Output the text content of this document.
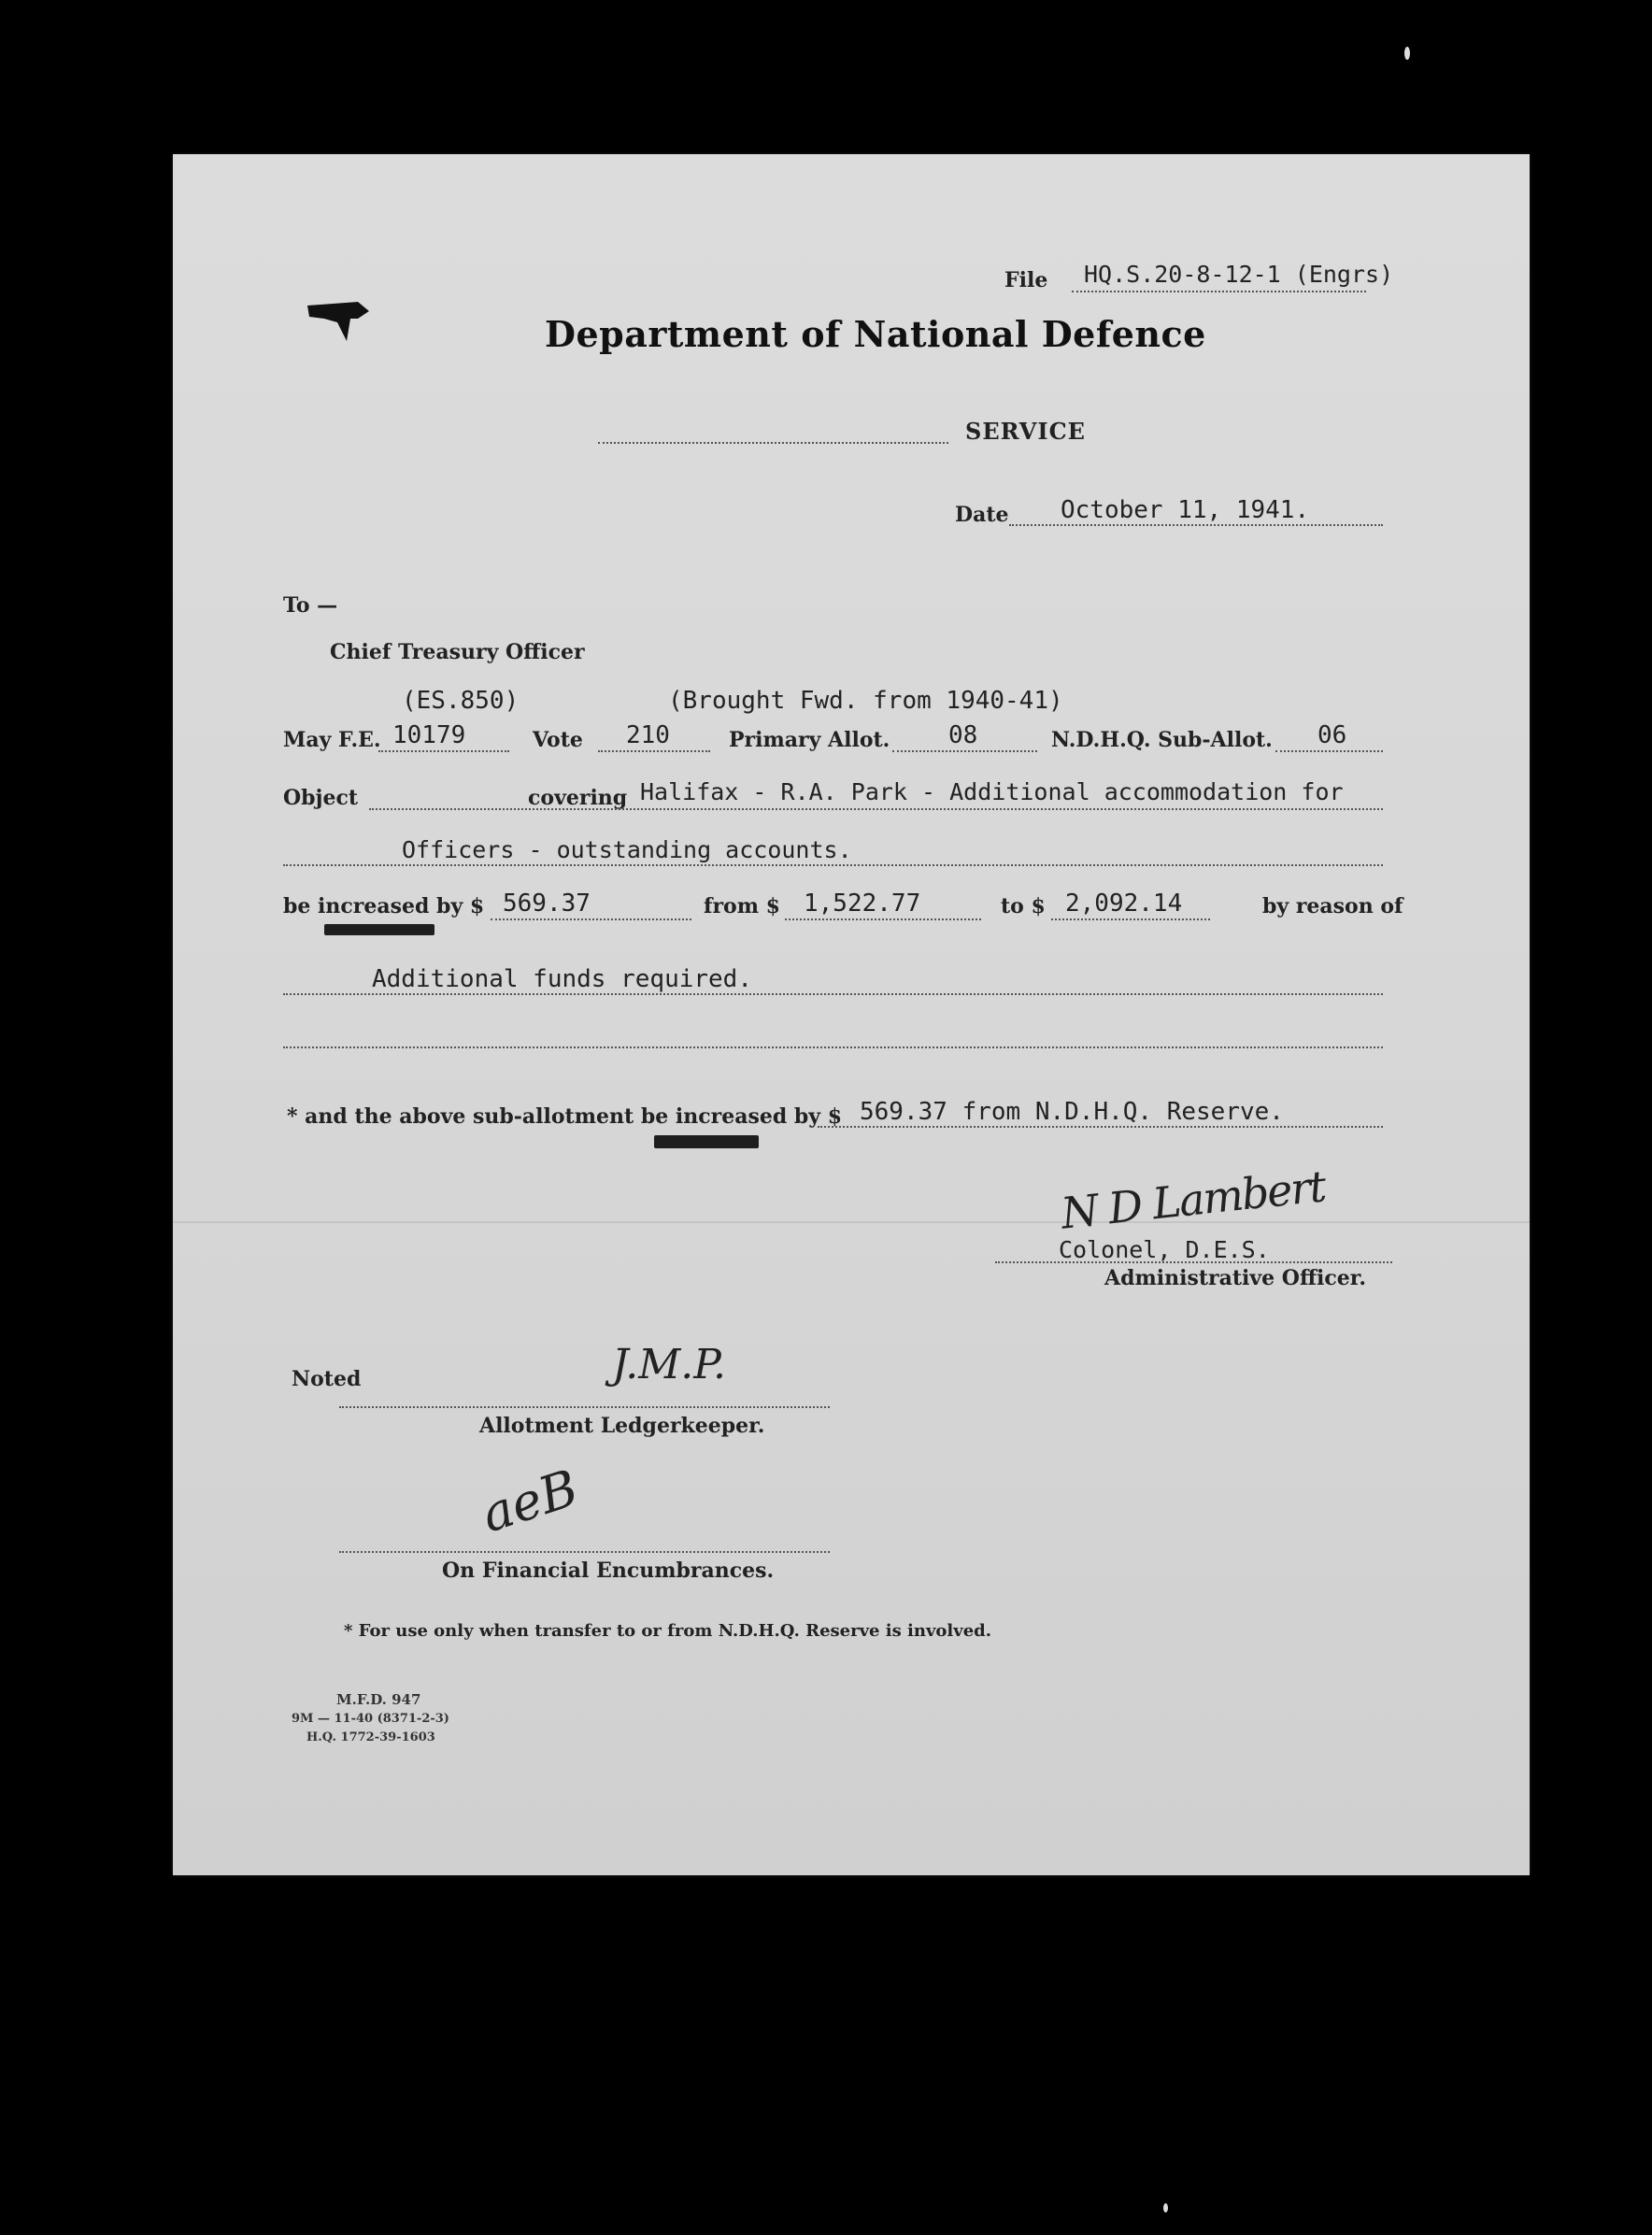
File HQ.S.20-8-12-1 (Engrs)
Department of National Defence
SERVICE
Date October 11, 1941.
To —
Chief Treasury Officer
(ES.850)	(Brought Fwd. from 1940-41)
May F.E. 10179	Vote 210	Primary Allot. 08	N.D.H.Q. Sub-Allot. 06
Object	covering Halifax - R.A. Park - Additional accommodation for
Officers - outstanding accounts.
be increased by $ 569.37	from $ 1,522.77	to $ 2,092.14	by reason of
Additional funds required.
* and the above sub-allotment be increased by $ 569.37 from N.D.H.Q. Reserve.
N D Lambert
Colonel, D.E.S.
Administrative Officer.
Noted	J.M.P.
Allotment Ledgerkeeper.
aeB
On Financial Encumbrances.
* For use only when transfer to or from N.D.H.Q. Reserve is involved.
M.F.D. 947
9M — 11-40 (8371-2-3)
H.Q. 1772-39-1603
